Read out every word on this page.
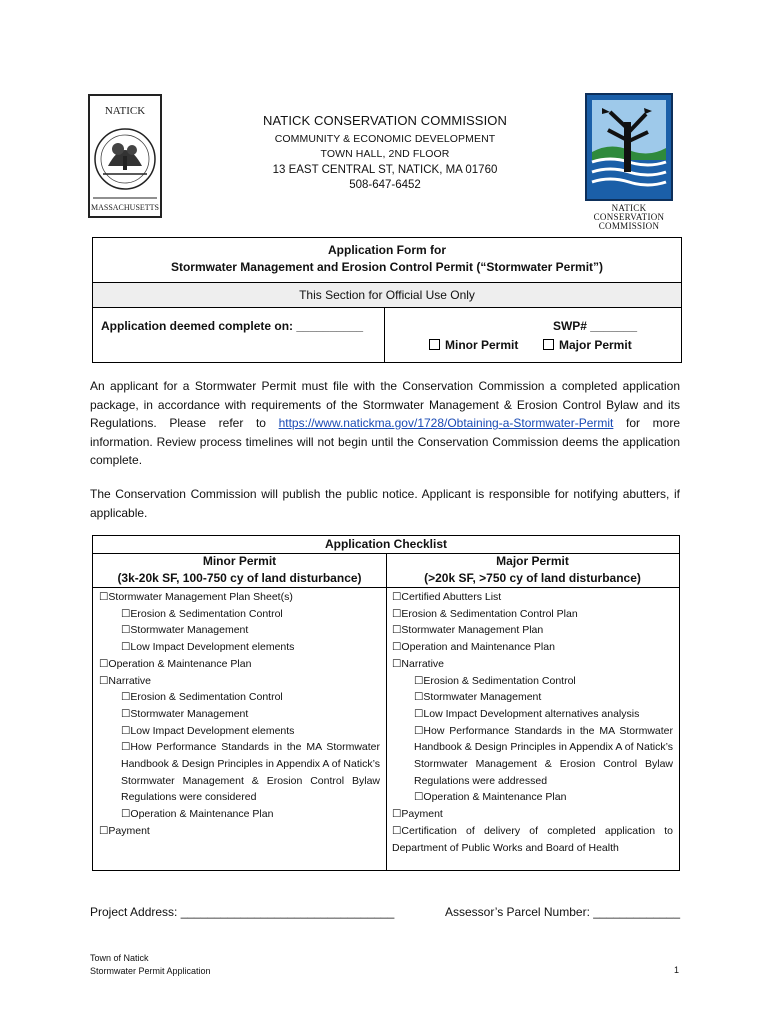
NATICK
MASSACHUSETTS
NATICK CONSERVATION COMMISSION
COMMUNITY & ECONOMIC DEVELOPMENT
TOWN HALL, 2ND FLOOR
13 EAST CENTRAL ST, NATICK, MA 01760
508-647-6452
NATICK CONSERVATION COMMISSION
Application Form for
Stormwater Management and Erosion Control Permit (“Stormwater Permit”)
This Section for Official Use Only
Application deemed complete on: __________	SWP# _______
Minor Permit	Major Permit
An applicant for a Stormwater Permit must file with the Conservation Commission a completed application package, in accordance with requirements of the Stormwater Management & Erosion Control Bylaw and its Regulations. Please refer to https://www.natickma.gov/1728/Obtaining-a-Stormwater-Permit for more information. Review process timelines will not begin until the Conservation Commission deems the application complete.
The Conservation Commission will publish the public notice. Applicant is responsible for notifying abutters, if applicable.
Application Checklist
Minor Permit
(3k-20k SF, 100-750 cy of land disturbance)
☐Stormwater Management Plan Sheet(s)
☐Erosion & Sedimentation Control
☐Stormwater Management
☐Low Impact Development elements
☐Operation & Maintenance Plan
☐Narrative
☐Erosion & Sedimentation Control
☐Stormwater Management
☐Low Impact Development elements
☐How Performance Standards in the MA Stormwater Handbook & Design Principles in Appendix A of Natick’s Stormwater Management & Erosion Control Bylaw Regulations were considered
☐Operation & Maintenance Plan
☐Payment
Major Permit
(>20k SF, >750 cy of land disturbance)
☐Certified Abutters List
☐Erosion & Sedimentation Control Plan
☐Stormwater Management Plan
☐Operation and Maintenance Plan
☐Narrative
☐Erosion & Sedimentation Control
☐Stormwater Management
☐Low Impact Development alternatives analysis
☐How Performance Standards in the MA Stormwater Handbook & Design Principles in Appendix A of Natick’s Stormwater Management & Erosion Control Bylaw Regulations were addressed
☐Operation & Maintenance Plan
☐Payment
☐Certification of delivery of completed application to Department of Public Works and Board of Health
Project Address: ________________________________	Assessor’s Parcel Number: _____________
Town of Natick
Stormwater Permit Application	1
